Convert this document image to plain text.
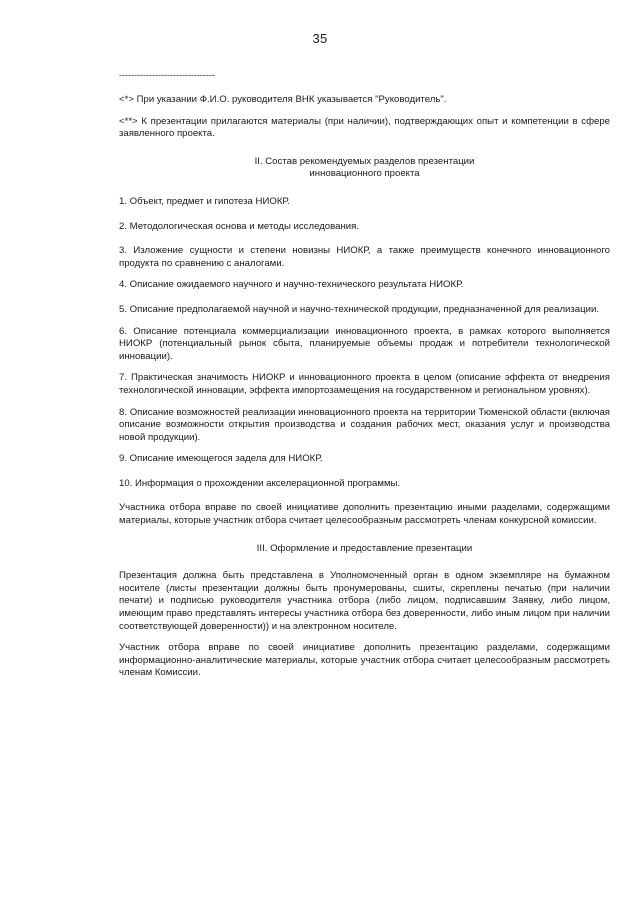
35
--------------------------------

<*> При указании Ф.И.О. руководителя ВНК указывается "Руководитель".

<**> К презентации прилагаются материалы (при наличии), подтверждающих опыт и компетенции в сфере заявленного проекта.

II. Состав рекомендуемых разделов презентации
инновационного проекта

1. Объект, предмет и гипотеза НИОКР.

2. Методологическая основа и методы исследования.

3. Изложение сущности и степени новизны НИОКР, а также преимуществ конечного инновационного продукта по сравнению с аналогами.

4. Описание ожидаемого научного и научно-технического результата НИОКР.

5. Описание предполагаемой научной и научно-технической продукции, предназначенной для реализации.

6. Описание потенциала коммерциализации инновационного проекта, в рамках которого выполняется НИОКР (потенциальный рынок сбыта, планируемые объемы продаж и потребители технологической инновации).

7. Практическая значимость НИОКР и инновационного проекта в целом (описание эффекта от внедрения технологической инновации, эффекта импортозамещения на государственном и региональном уровнях).

8. Описание возможностей реализации инновационного проекта на территории Тюменской области (включая описание возможности открытия производства и создания рабочих мест, оказания услуг и производства новой продукции).

9. Описание имеющегося задела для НИОКР.

10. Информация о прохождении акселерационной программы.

Участника отбора вправе по своей инициативе дополнить презентацию иными разделами, содержащими материалы, которые участник отбора считает целесообразным рассмотреть членам конкурсной комиссии.

III. Оформление и предоставление презентации

Презентация должна быть представлена в Уполномоченный орган в одном экземпляре на бумажном носителе (листы презентации должны быть пронумерованы, сшиты, скреплены печатью (при наличии печати) и подписью руководителя участника отбора (либо лицом, подписавшим Заявку, либо лицом, имеющим право представлять интересы участника отбора без доверенности, либо иным лицом при наличии соответствующей доверенности)) и на электронном носителе.

Участник отбора вправе по своей инициативе дополнить презентацию разделами, содержащими информационно-аналитические материалы, которые участник отбора считает целесообразным рассмотреть членам Комиссии.
